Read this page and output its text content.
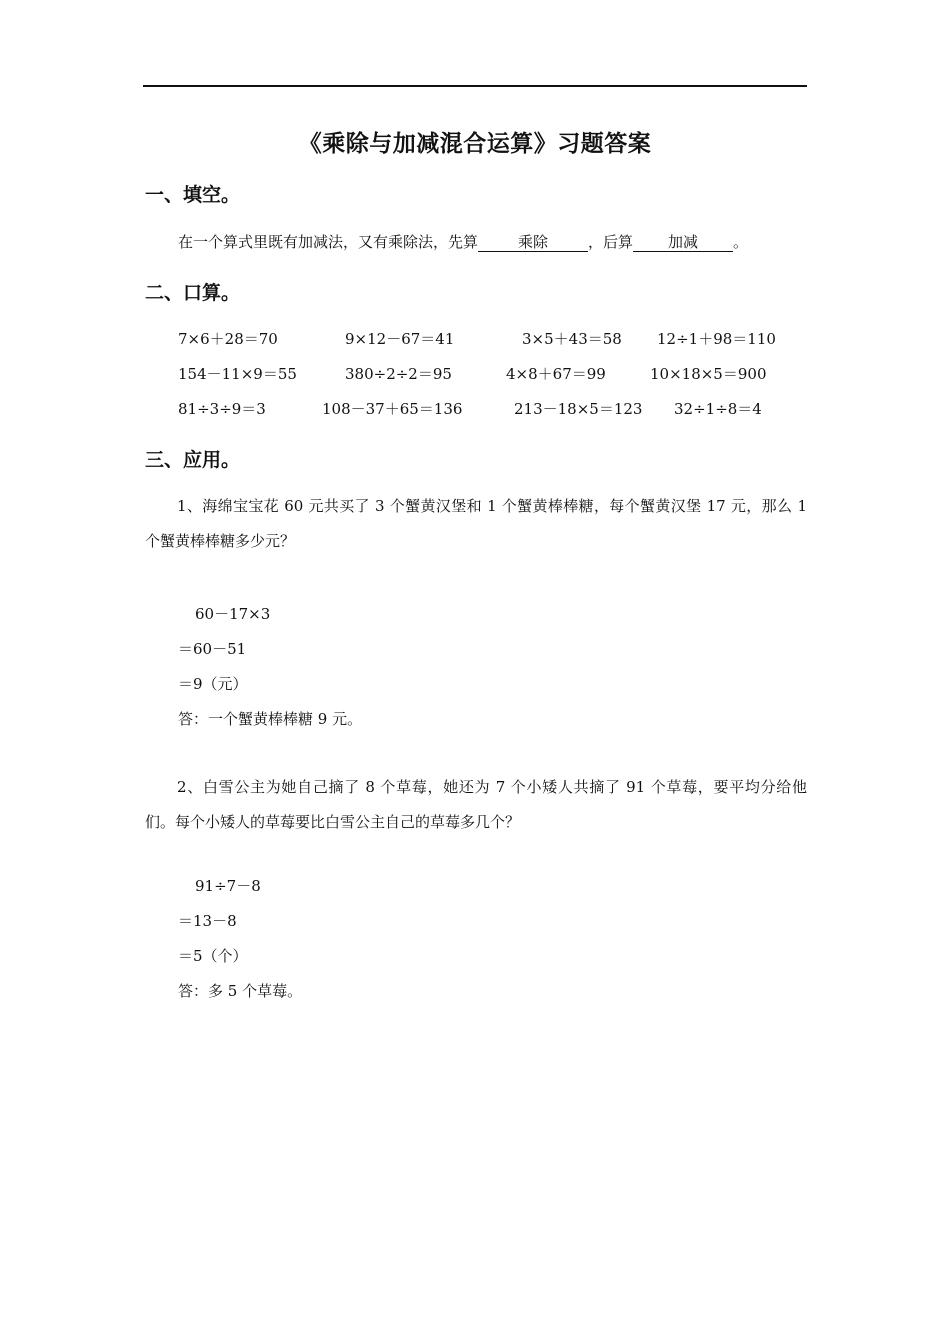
《乘除与加减混合运算》习题答案
一、填空。
在一个算式里既有加减法，又有乘除法，先算	乘除	，后算 加减 。
二、口算。
7×6＋28＝70	9×12－67＝41	3×5＋43＝58 12÷1＋98＝110
154－11×9＝55	380÷2÷2＝95	4×8＋67＝99	10×18×5＝900
81÷3÷9＝3	108－37＋65＝136	213－18×5＝123 32÷1÷8＝4
三、应用。
1、海绵宝宝花 60 元共买了 3 个蟹黄汉堡和 1 个蟹黄棒棒糖，每个蟹黄汉堡 17 元，那么 1 个蟹黄棒棒糖多少元？
60－17×3
＝60－51
＝9（元）
答：一个蟹黄棒棒糖 9 元。
2、白雪公主为她自己摘了 8 个草莓，她还为 7 个小矮人共摘了 91 个草莓，要平均分给他们。每个小矮人的草莓要比白雪公主自己的草莓多几个？
91÷7－8
＝13－8
＝5（个）
答：多 5 个草莓。
